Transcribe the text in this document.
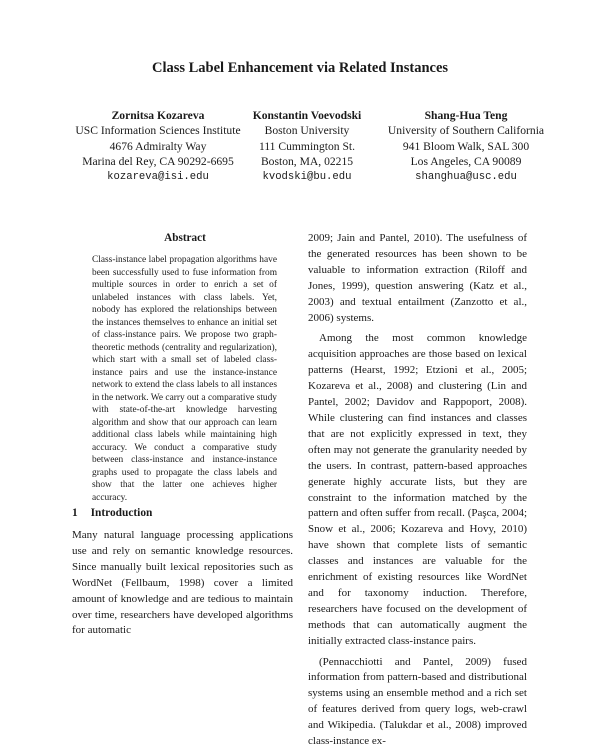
Class Label Enhancement via Related Instances
Zornitsa Kozareva
USC Information Sciences Institute
4676 Admiralty Way
Marina del Rey, CA 90292-6695
kozareva@isi.edu
Konstantin Voevodski
Boston University
111 Cummington St.
Boston, MA, 02215
kvodski@bu.edu
Shang-Hua Teng
University of Southern California
941 Bloom Walk, SAL 300
Los Angeles, CA 90089
shanghua@usc.edu
Abstract

Class-instance label propagation algorithms have been successfully used to fuse information from multiple sources in order to enrich a set of unlabeled instances with class labels. Yet, nobody has explored the relationships between the instances themselves to enhance an initial set of class-instance pairs. We propose two graph-theoretic methods (centrality and regularization), which start with a small set of labeled class-instance pairs and use the instance-instance network to extend the class labels to all instances in the network. We carry out a comparative study with state-of-the-art knowledge harvesting algorithm and show that our approach can learn additional class labels while maintaining high accuracy. We conduct a comparative study between class-instance and instance-instance graphs used to propagate the class labels and show that the latter one achieves higher accuracy.

1 Introduction

Many natural language processing applications use and rely on semantic knowledge resources. Since manually built lexical repositories such as WordNet (Fellbaum, 1998) cover a limited amount of knowledge and are tedious to maintain over time, researchers have developed algorithms for automatic

2009; Jain and Pantel, 2010). The usefulness of the generated resources has been shown to be valuable to information extraction (Riloff and Jones, 1999), question answering (Katz et al., 2003) and textual entailment (Zanzotto et al., 2006) systems.

Among the most common knowledge acquisition approaches are those based on lexical patterns (Hearst, 1992; Etzioni et al., 2005; Kozareva et al., 2008) and clustering (Lin and Pantel, 2002; Davidov and Rappoport, 2008). While clustering can find instances and classes that are not explicitly expressed in text, they often may not generate the granularity needed by the users. In contrast, pattern-based approaches generate highly accurate lists, but they are constraint to the information matched by the pattern and often suffer from recall. (Paşca, 2004; Snow et al., 2006; Kozareva and Hovy, 2010) have shown that complete lists of semantic classes and instances are valuable for the enrichment of existing resources like WordNet and for taxonomy induction. Therefore, researchers have focused on the development of methods that can automatically augment the initially extracted class-instance pairs.

(Pennacchiotti and Pantel, 2009) fused information from pattern-based and distributional systems using an ensemble method and a rich set of features derived from query logs, web-crawl and Wikipedia. (Talukdar et al., 2008) improved class-instance ex-
